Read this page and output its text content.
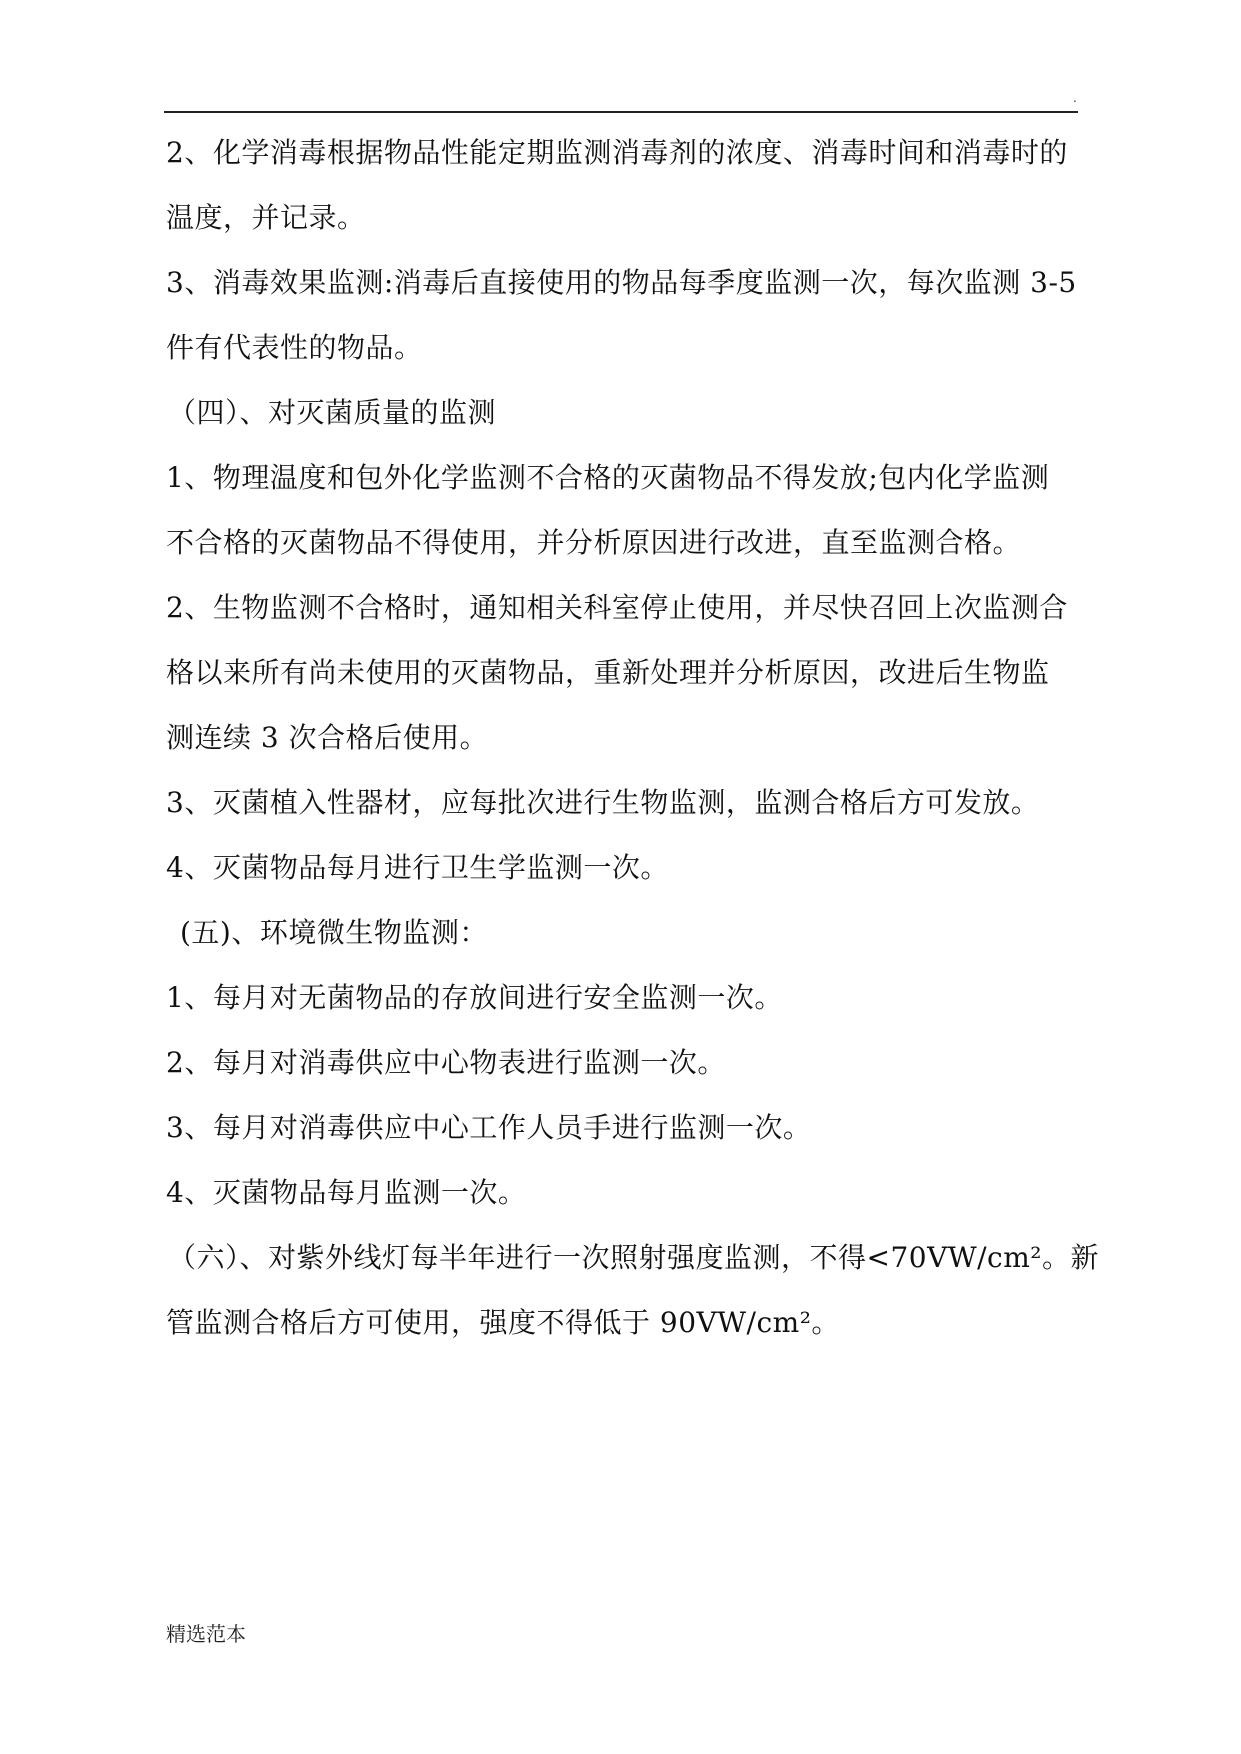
.
2、化学消毒根据物品性能定期监测消毒剂的浓度、消毒时间和消毒时的
温度，并记录。
3、消毒效果监测:消毒后直接使用的物品每季度监测一次，每次监测 3-5
件有代表性的物品。
（四）、对灭菌质量的监测
1、物理温度和包外化学监测不合格的灭菌物品不得发放;包内化学监测
不合格的灭菌物品不得使用，并分析原因进行改进，直至监测合格。
2、生物监测不合格时，通知相关科室停止使用，并尽快召回上次监测合
格以来所有尚未使用的灭菌物品，重新处理并分析原因，改进后生物监
测连续 3 次合格后使用。
3、灭菌植入性器材，应每批次进行生物监测，监测合格后方可发放。
4、灭菌物品每月进行卫生学监测一次。
(五)、环境微生物监测：
1、每月对无菌物品的存放间进行安全监测一次。
2、每月对消毒供应中心物表进行监测一次。
3、每月对消毒供应中心工作人员手进行监测一次。
4、灭菌物品每月监测一次。
（六）、对紫外线灯每半年进行一次照射强度监测，不得<70VW/cm²。新
管监测合格后方可使用，强度不得低于 90VW/cm²。
精选范本
